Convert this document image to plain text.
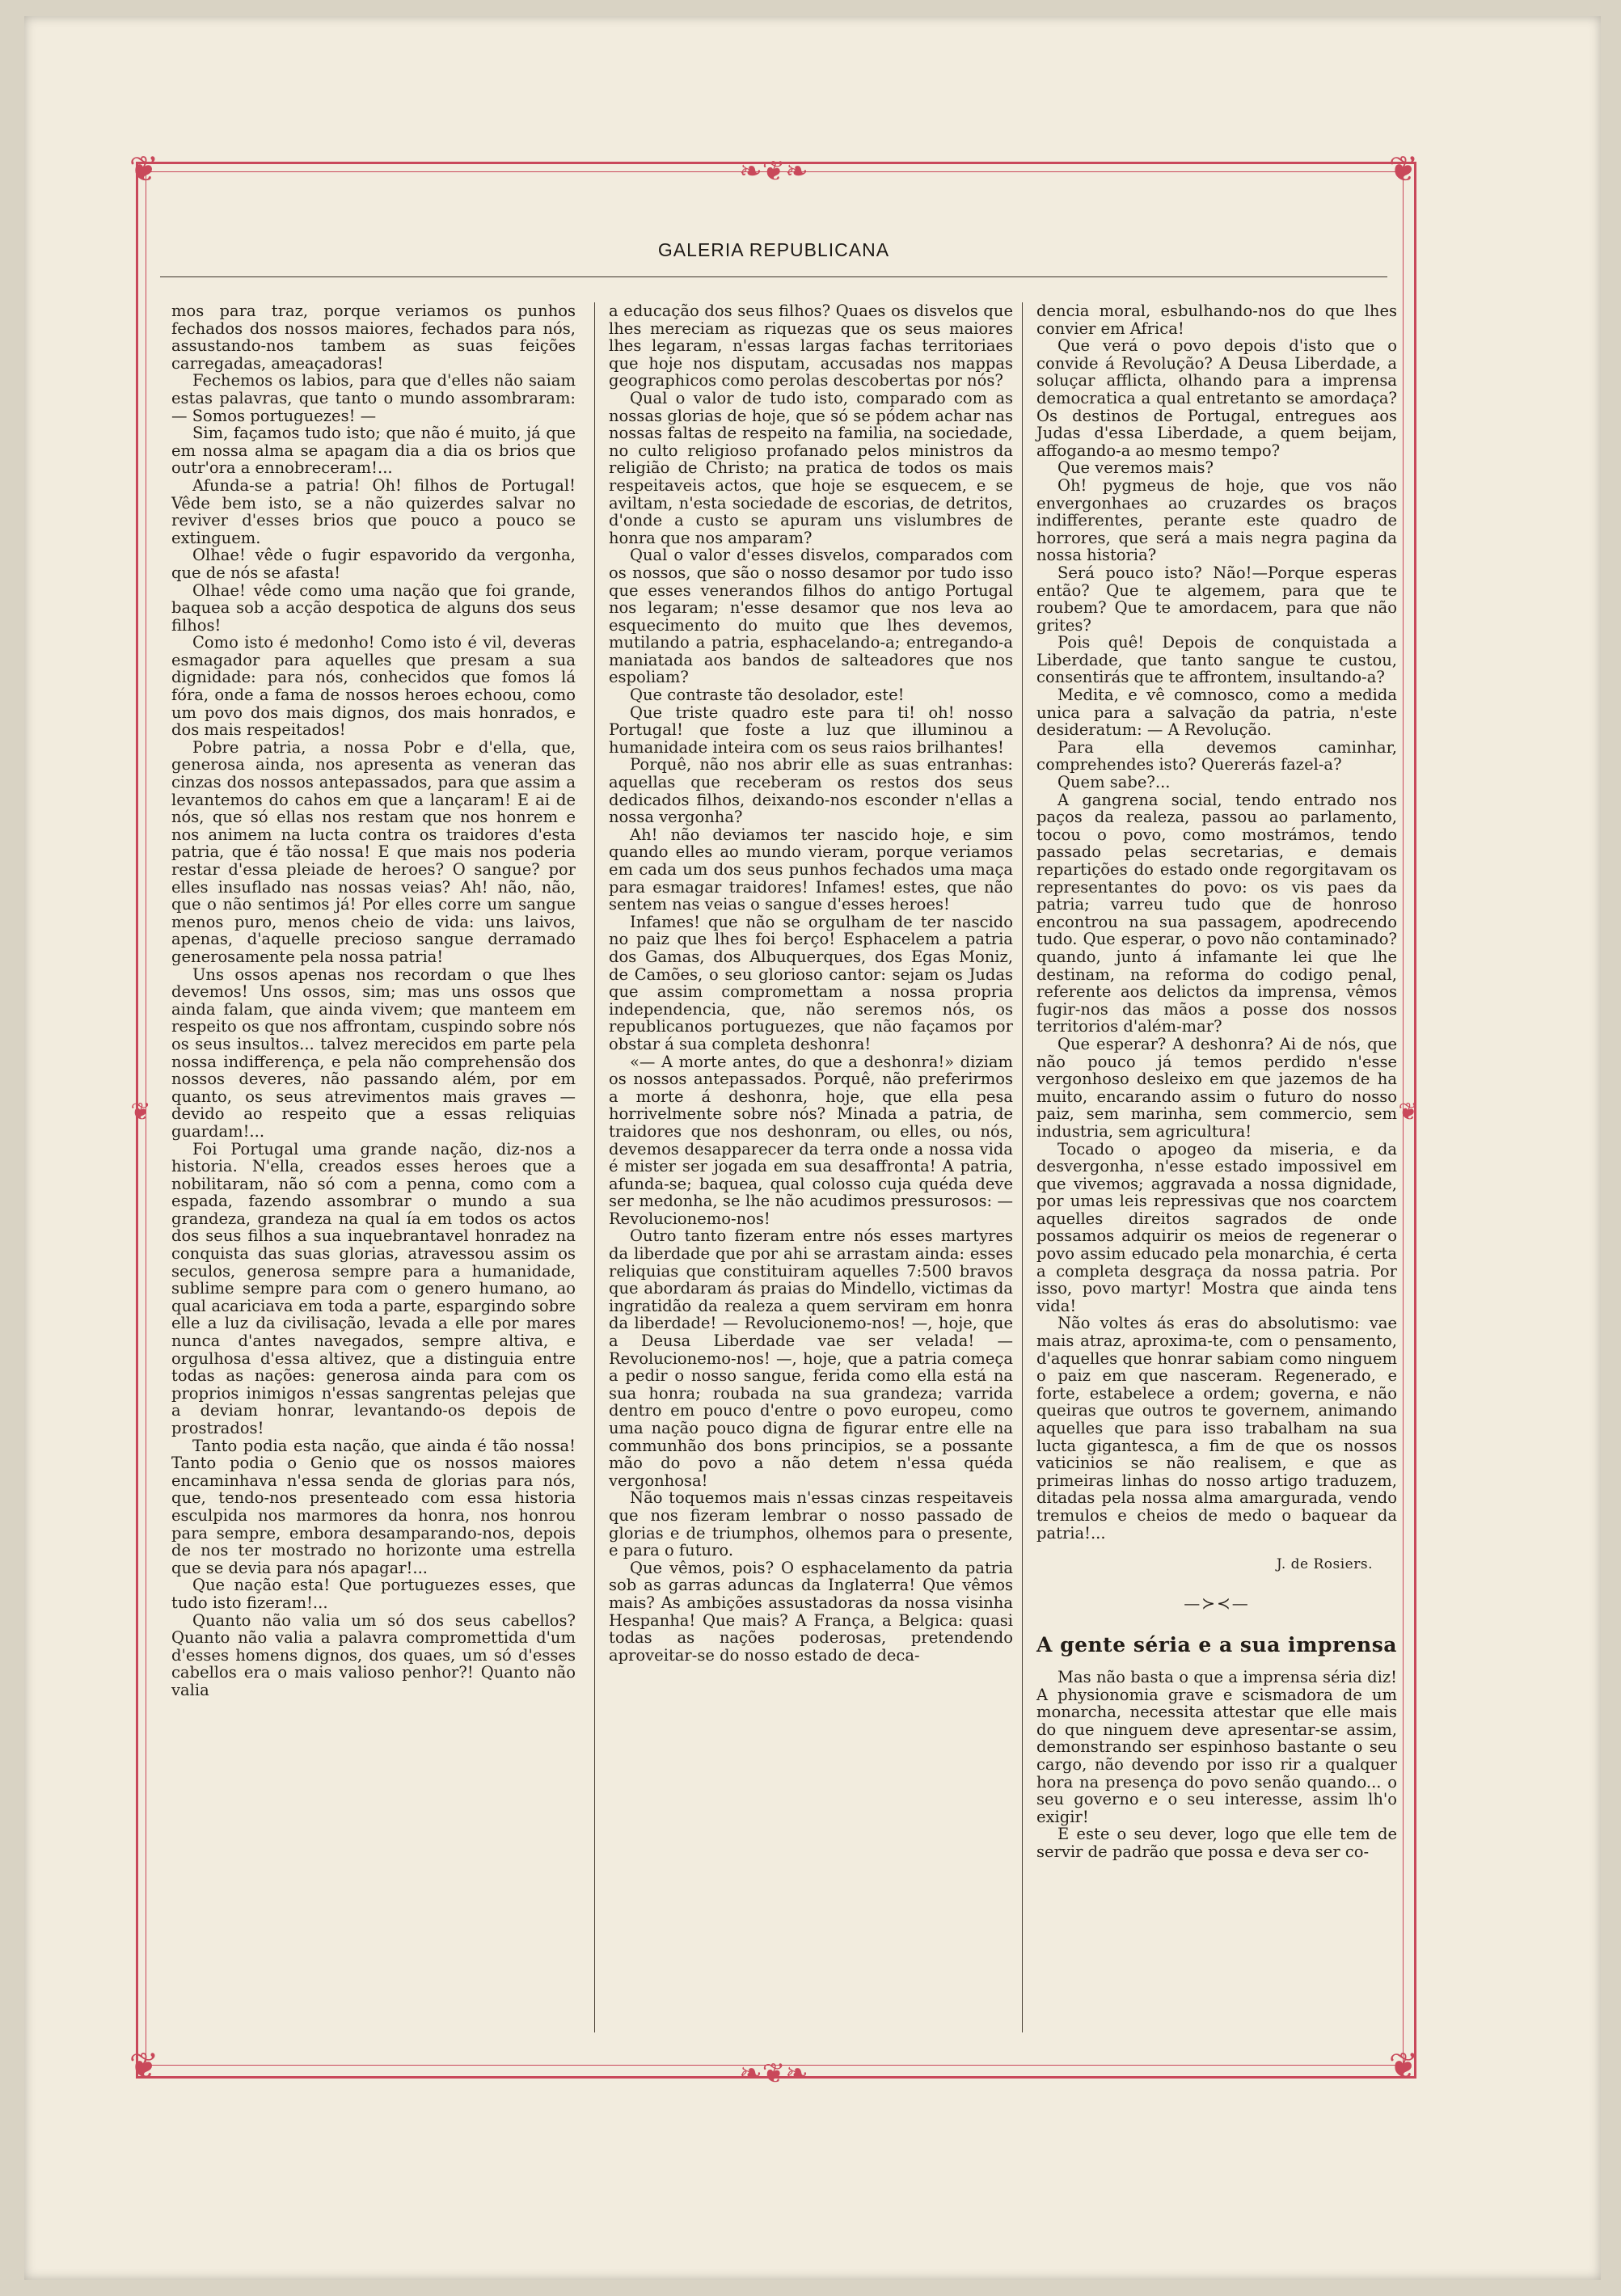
❦	❦
❦	❦
❧❦❧
❧❦❧
❦	❦
GALERIA REPUBLICANA

mos para traz, porque veriamos os punhos fechados dos nossos maiores, fechados para nós, assustando-nos tambem as suas feições carregadas, ameaçadoras!

Fechemos os labios, para que d'elles não saiam estas palavras, que tanto o mundo assombraram: — Somos portuguezes! —

Sim, façamos tudo isto; que não é muito, já que em nossa alma se apagam dia a dia os brios que outr'ora a ennobreceram!...

Afunda-se a patria! Oh! filhos de Portugal! Vêde bem isto, se a não quizerdes salvar no reviver d'esses brios que pouco a pouco se extinguem.

Olhae! vêde o fugir espavorido da vergonha, que de nós se afasta!

Olhae! vêde como uma nação que foi grande, baquea sob a acção despotica de alguns dos seus filhos!

Como isto é medonho! Como isto é vil, deveras esmagador para aquelles que presam a sua dignidade: para nós, conhecidos que fomos lá fóra, onde a fama de nossos heroes echoou, como um povo dos mais dignos, dos mais honrados, e dos mais respeitados!

Pobre patria, a nossa Pobr e d'ella, que, generosa ainda, nos apresenta as veneran das cinzas dos nossos antepassados, para que assim a levantemos do cahos em que a lançaram! E ai de nós, que só ellas nos restam que nos honrem e nos animem na lucta contra os traidores d'esta patria, que é tão nossa! E que mais nos poderia restar d'essa pleiade de heroes? O sangue? por elles insuflado nas nossas veias? Ah! não, não, que o não sentimos já! Por elles corre um sangue menos puro, menos cheio de vida: uns laivos, apenas, d'aquelle precioso sangue derramado generosamente pela nossa patria!

Uns ossos apenas nos recordam o que lhes devemos! Uns ossos, sim; mas uns ossos que ainda falam, que ainda vivem; que manteem em respeito os que nos affrontam, cuspindo sobre nós os seus insultos... talvez merecidos em parte pela nossa indifferença, e pela não comprehensão dos nossos deveres, não passando além, por em quanto, os seus atrevimentos mais graves — devido ao respeito que a essas reliquias guardam!...

Foi Portugal uma grande nação, diz-nos a historia. N'ella, creados esses heroes que a nobilitaram, não só com a penna, como com a espada, fazendo assombrar o mundo a sua grandeza, grandeza na qual ía em todos os actos dos seus filhos a sua inquebrantavel honradez na conquista das suas glorias, atravessou assim os seculos, generosa sempre para a humanidade, sublime sempre para com o genero humano, ao qual acariciava em toda a parte, espargindo sobre elle a luz da civilisação, levada a elle por mares nunca d'antes navegados, sempre altiva, e orgulhosa d'essa altivez, que a distinguia entre todas as nações: generosa ainda para com os proprios inimigos n'essas sangrentas pelejas que a deviam honrar, levantando-os depois de prostrados!

Tanto podia esta nação, que ainda é tão nossa! Tanto podia o Genio que os nossos maiores encaminhava n'essa senda de glorias para nós, que, tendo-nos presenteado com essa historia esculpida nos marmores da honra, nos honrou para sempre, embora desamparando-nos, depois de nos ter mostrado no horizonte uma estrella que se devia para nós apagar!...

Que nação esta! Que portuguezes esses, que tudo isto fizeram!...

Quanto não valia um só dos seus cabellos? Quanto não valia a palavra compromettida d'um d'esses homens dignos, dos quaes, um só d'esses cabellos era o mais valioso penhor?! Quanto não valia

a educação dos seus filhos? Quaes os disvelos que lhes mereciam as riquezas que os seus maiores lhes legaram, n'essas largas fachas territoriaes que hoje nos disputam, accusadas nos mappas geographicos como perolas descobertas por nós?

Qual o valor de tudo isto, comparado com as nossas glorias de hoje, que só se pódem achar nas nossas faltas de respeito na familia, na sociedade, no culto religioso profanado pelos ministros da religião de Christo; na pratica de todos os mais respeitaveis actos, que hoje se esquecem, e se aviltam, n'esta sociedade de escorias, de detritos, d'onde a custo se apuram uns vislumbres de honra que nos amparam?

Qual o valor d'esses disvelos, comparados com os nossos, que são o nosso desamor por tudo isso que esses venerandos filhos do antigo Portugal nos legaram; n'esse desamor que nos leva ao esquecimento do muito que lhes devemos, mutilando a patria, esphacelando-a; entregando-a maniatada aos bandos de salteadores que nos espoliam?

Que contraste tão desolador, este!

Que triste quadro este para ti! oh! nosso Portugal! que foste a luz que illuminou a humanidade inteira com os seus raios brilhantes!

Porquê, não nos abrir elle as suas entranhas: aquellas que receberam os restos dos seus dedicados filhos, deixando-nos esconder n'ellas a nossa vergonha?

Ah! não deviamos ter nascido hoje, e sim quando elles ao mundo vieram, porque veriamos em cada um dos seus punhos fechados uma maça para esmagar traidores! Infames! estes, que não sentem nas veias o sangue d'esses heroes!

Infames! que não se orgulham de ter nascido no paiz que lhes foi berço! Esphacelem a patria dos Gamas, dos Albuquerques, dos Egas Moniz, de Camões, o seu glorioso cantor: sejam os Judas que assim compromettam a nossa propria independencia, que, não seremos nós, os republicanos portuguezes, que não façamos por obstar á sua completa deshonra!

«— A morte antes, do que a deshonra!» diziam os nossos antepassados. Porquê, não preferirmos a morte á deshonra, hoje, que ella pesa horrivelmente sobre nós? Minada a patria, de traidores que nos deshonram, ou elles, ou nós, devemos desapparecer da terra onde a nossa vida é mister ser jogada em sua desaffronta! A patria, afunda-se; baquea, qual colosso cuja quéda deve ser medonha, se lhe não acudimos pressurosos: — Revolucionemo-nos!

Outro tanto fizeram entre nós esses martyres da liberdade que por ahi se arrastam ainda: esses reliquias que constituiram aquelles 7:500 bravos que abordaram ás praias do Mindello, victimas da ingratidão da realeza a quem serviram em honra da liberdade! — Revolucionemo-nos! —, hoje, que a Deusa Liberdade vae ser velada! — Revolucionemo-nos! —, hoje, que a patria começa a pedir o nosso sangue, ferida como ella está na sua honra; roubada na sua grandeza; varrida dentro em pouco d'entre o povo europeu, como uma nação pouco digna de figurar entre elle na communhão dos bons principios, se a possante mão do povo a não detem n'essa quéda vergonhosa!

Não toquemos mais n'essas cinzas respeitaveis que nos fizeram lembrar o nosso passado de glorias e de triumphos, olhemos para o presente, e para o futuro.

Que vêmos, pois? O esphacelamento da patria sob as garras aduncas da Inglaterra! Que vêmos mais? As ambições assustadoras da nossa visinha Hespanha! Que mais? A França, a Belgica: quasi todas as nações poderosas, pretendendo aproveitar-se do nosso estado de deca-

dencia moral, esbulhando-nos do que lhes convier em Africa!

Que verá o povo depois d'isto que o convide á Revolução? A Deusa Liberdade, a soluçar afflicta, olhando para a imprensa democratica a qual entretanto se amordaça? Os destinos de Portugal, entregues aos Judas d'essa Liberdade, a quem beijam, affogando-a ao mesmo tempo?

Que veremos mais?

Oh! pygmeus de hoje, que vos não envergonhaes ao cruzardes os braços indifferentes, perante este quadro de horrores, que será a mais negra pagina da nossa historia?

Será pouco isto? Não!—Porque esperas então? Que te algemem, para que te roubem? Que te amordacem, para que não grites?

Pois quê! Depois de conquistada a Liberdade, que tanto sangue te custou, consentirás que te affrontem, insultando-a?

Medita, e vê comnosco, como a medida unica para a salvação da patria, n'este desideratum: — A Revolução.

Para ella devemos caminhar, comprehendes isto? Quererás fazel-a?

Quem sabe?...

A gangrena social, tendo entrado nos paços da realeza, passou ao parlamento, tocou o povo, como mostrámos, tendo passado pelas secretarias, e demais repartições do estado onde regorgitavam os representantes do povo: os vis paes da patria; varreu tudo que de honroso encontrou na sua passagem, apodrecendo tudo. Que esperar, o povo não contaminado? quando, junto á infamante lei que lhe destinam, na reforma do codigo penal, referente aos delictos da imprensa, vêmos fugir-nos das mãos a posse dos nossos territorios d'além-mar?

Que esperar? A deshonra? Ai de nós, que não pouco já temos perdido n'esse vergonhoso desleixo em que jazemos de ha muito, encarando assim o futuro do nosso paiz, sem marinha, sem commercio, sem industria, sem agricultura!

Tocado o apogeo da miseria, e da desvergonha, n'esse estado impossivel em que vivemos; aggravada a nossa dignidade, por umas leis repressivas que nos coarctem aquelles direitos sagrados de onde possamos adquirir os meios de regenerar o povo assim educado pela monarchia, é certa a completa desgraça da nossa patria. Por isso, povo martyr! Mostra que ainda tens vida!

Não voltes ás eras do absolutismo: vae mais atraz, aproxima-te, com o pensamento, d'aquelles que honrar sabiam como ninguem o paiz em que nasceram. Regenerado, e forte, estabelece a ordem; governa, e não queiras que outros te governem, animando aquelles que para isso trabalham na sua lucta gigantesca, a fim de que os nossos vaticinios se não realisem, e que as primeiras linhas do nosso artigo traduzem, ditadas pela nossa alma amargurada, vendo tremulos e cheios de medo o baquear da patria!...

J. de Rosiers.

—≻≺—
A gente séria e a sua imprensa

Mas não basta o que a imprensa séria diz! A physionomia grave e scismadora de um monarcha, necessita attestar que elle mais do que ninguem deve apresentar-se assim, demonstrando ser espinhoso bastante o seu cargo, não devendo por isso rir a qualquer hora na presença do povo senão quando... o seu governo e o seu interesse, assim lh'o exigir!

E este o seu dever, logo que elle tem de servir de padrão que possa e deva ser co-
